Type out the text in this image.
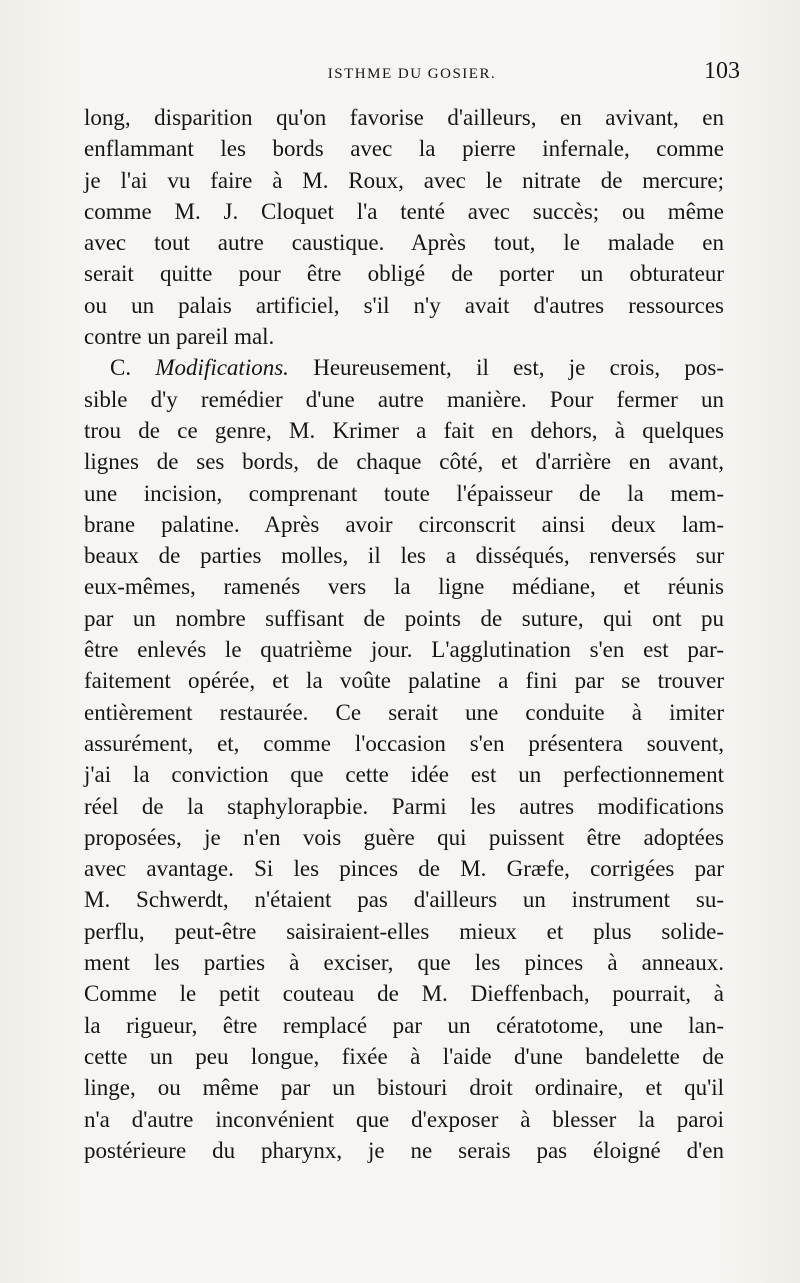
ISTHME DU GOSIER.	103
long, disparition qu'on favorise d'ailleurs, en avivant, en
enflammant les bords avec la pierre infernale, comme
je l'ai vu faire à M. Roux, avec le nitrate de mercure;
comme M. J. Cloquet l'a tenté avec succès; ou même
avec tout autre caustique. Après tout, le malade en
serait quitte pour être obligé de porter un obturateur
ou un palais artificiel, s'il n'y avait d'autres ressources
contre un pareil mal.
C. Modifications. Heureusement, il est, je crois, pos-
sible d'y remédier d'une autre manière. Pour fermer un
trou de ce genre, M. Krimer a fait en dehors, à quelques
lignes de ses bords, de chaque côté, et d'arrière en avant,
une incision, comprenant toute l'épaisseur de la mem-
brane palatine. Après avoir circonscrit ainsi deux lam-
beaux de parties molles, il les a disséqués, renversés sur
eux-mêmes, ramenés vers la ligne médiane, et réunis
par un nombre suffisant de points de suture, qui ont pu
être enlevés le quatrième jour. L'agglutination s'en est par-
faitement opérée, et la voûte palatine a fini par se trouver
entièrement restaurée. Ce serait une conduite à imiter
assurément, et, comme l'occasion s'en présentera souvent,
j'ai la conviction que cette idée est un perfectionnement
réel de la staphylorapbie. Parmi les autres modifications
proposées, je n'en vois guère qui puissent être adoptées
avec avantage. Si les pinces de M. Græfe, corrigées par
M. Schwerdt, n'étaient pas d'ailleurs un instrument su-
perflu, peut-être saisiraient-elles mieux et plus solide-
ment les parties à exciser, que les pinces à anneaux.
Comme le petit couteau de M. Dieffenbach, pourrait, à
la rigueur, être remplacé par un cératotome, une lan-
cette un peu longue, fixée à l'aide d'une bandelette de
linge, ou même par un bistouri droit ordinaire, et qu'il
n'a d'autre inconvénient que d'exposer à blesser la paroi
postérieure du pharynx, je ne serais pas éloigné d'en
